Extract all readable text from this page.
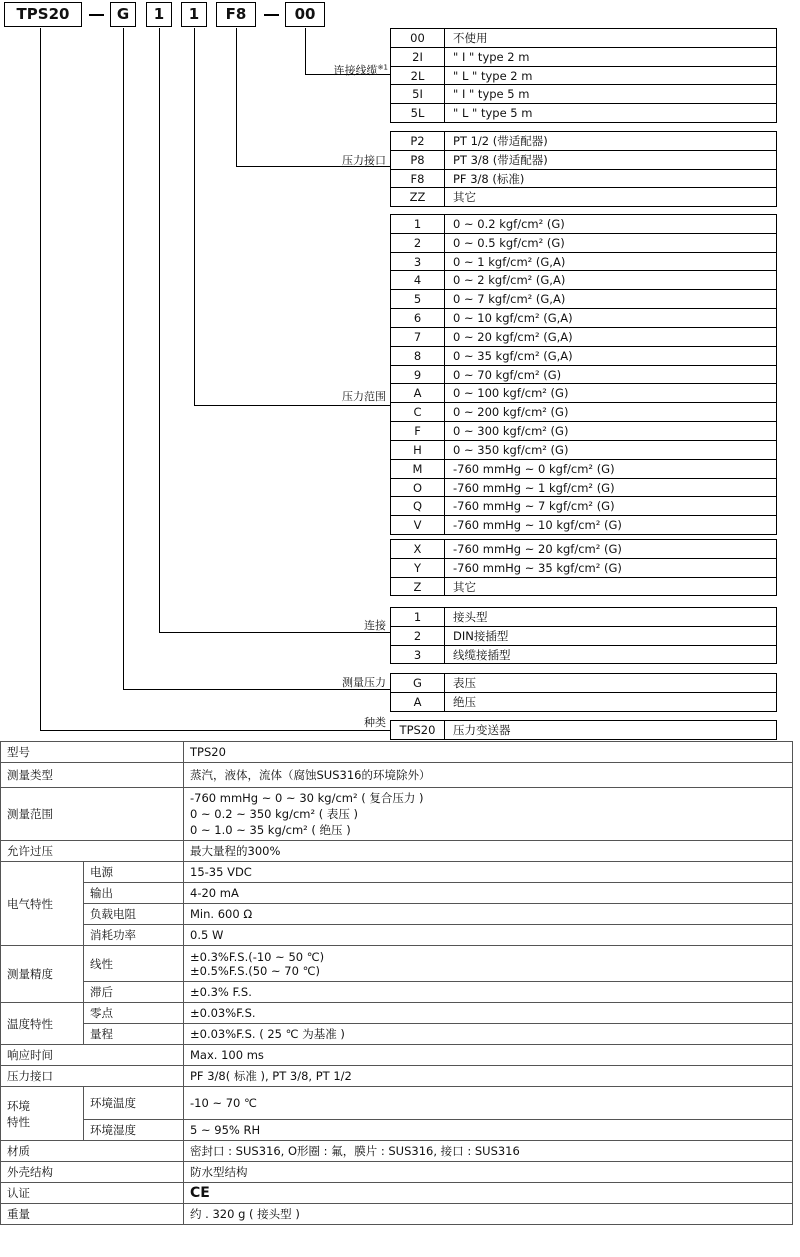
TPS20	G	1	1	F8	00
连接线缆$^{※1}$
压力接口
压力范围
连接
测量压力
种类
00	不使用
2I	" I " type 2 m
2L	" L " type 2 m
5I	" I " type 5 m
5L	" L " type 5 m
P2	PT 1/2 (带适配器)
P8	PT 3/8 (带适配器)
F8	PF 3/8 (标准)
ZZ	其它
1	0 ~ 0.2 kgf/cm² (G)
2	0 ~ 0.5 kgf/cm² (G)
3	0 ~ 1 kgf/cm² (G,A)
4	0 ~ 2 kgf/cm² (G,A)
5	0 ~ 7 kgf/cm² (G,A)
6	0 ~ 10 kgf/cm² (G,A)
7	0 ~ 20 kgf/cm² (G,A)
8	0 ~ 35 kgf/cm² (G,A)
9	0 ~ 70 kgf/cm² (G)
A	0 ~ 100 kgf/cm² (G)
C	0 ~ 200 kgf/cm² (G)
F	0 ~ 300 kgf/cm² (G)
H	0 ~ 350 kgf/cm² (G)
M	-760 mmHg ~ 0 kgf/cm² (G)
O	-760 mmHg ~ 1 kgf/cm² (G)
Q	-760 mmHg ~ 7 kgf/cm² (G)
V	-760 mmHg ~ 10 kgf/cm² (G)
X	-760 mmHg ~ 20 kgf/cm² (G)
Y	-760 mmHg ~ 35 kgf/cm² (G)
Z	其它
1	接头型
2	DIN接插型
3	线缆接插型
G	表压
A	绝压
TPS20	压力变送器
型号		TPS20
测量类型		蒸汽，液体，流体（腐蚀SUS316的环境除外）
测量范围		-760 mmHg ~ 0 ~ 30 kg/cm² ( 复合压力 )
0 ~ 0.2 ~ 350 kg/cm² ( 表压 )
0 ~ 1.0 ~ 35 kg/cm² ( 绝压 )

允许过压		最大量程的300%
电气特性	电源	15-35 VDC
	输出	4-20 mA
	负载电阻	Min. 600 Ω
	消耗功率	0.5 W
测量精度	线性	±0.3%F.S.(-10 ~ 50 ℃)
±0.5%F.S.(50 ~ 70 ℃)

	滞后	±0.3% F.S.
温度特性	零点	±0.03%F.S.
	量程	±0.03%F.S. ( 25 ℃ 为基准 )
响应时间		Max. 100 ms
压力接口		PF 3/8( 标准 ), PT 3/8, PT 1/2

环境
特性	环境温度	-10 ~ 70 ℃
	环境湿度	5 ~ 95% RH
材质		密封口 : SUS316, O形圈 : 氟，膜片 : SUS316, 接口 : SUS316
外壳结构		防水型结构
认证		CE
重量		约 . 320 g ( 接头型 )
